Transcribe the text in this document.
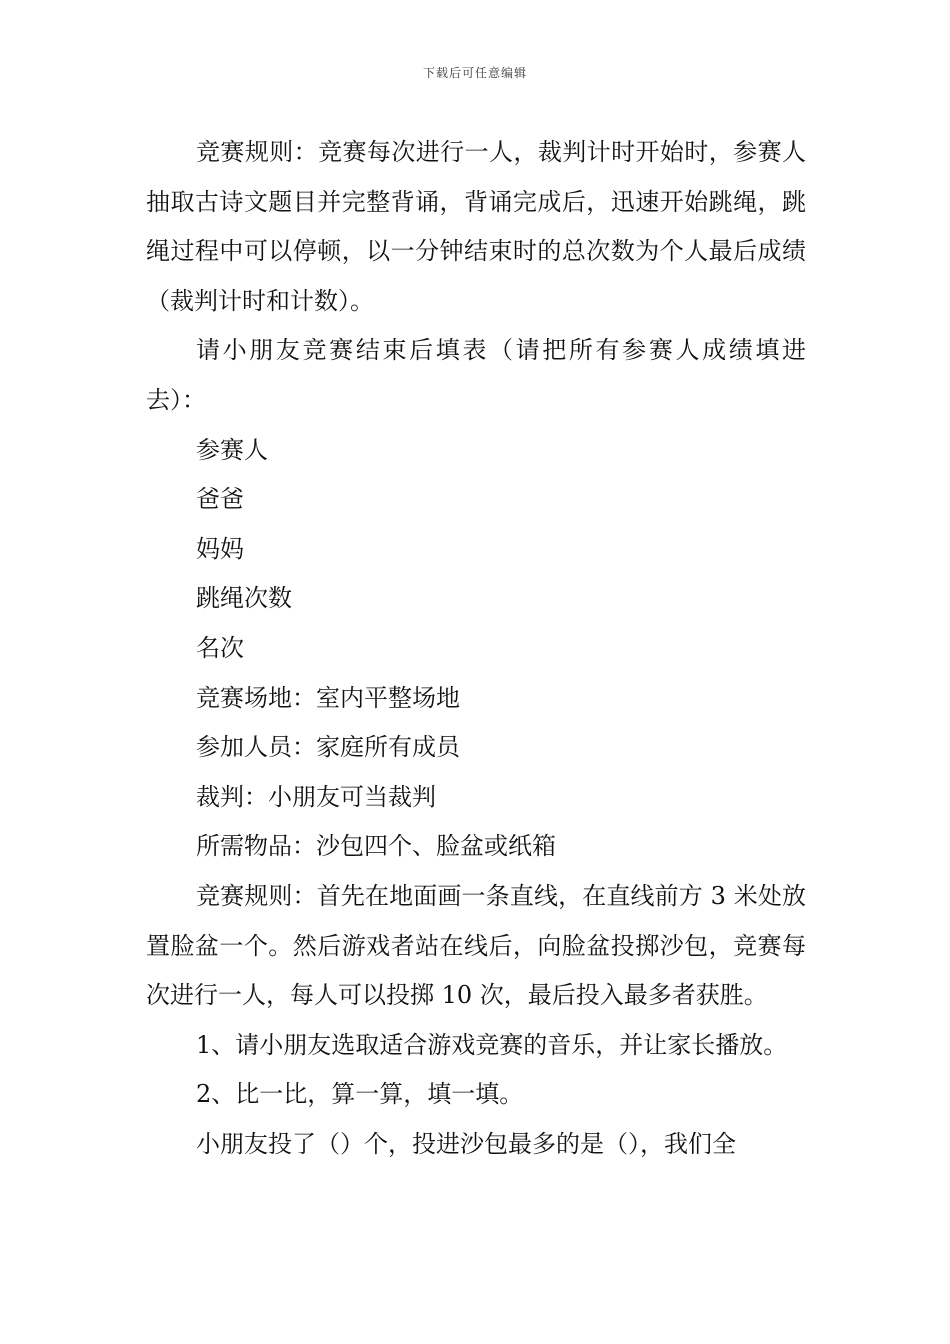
下载后可任意编辑

竞赛规则：竞赛每次进行一人，裁判计时开始时，参赛人抽取古诗文题目并完整背诵，背诵完成后，迅速开始跳绳，跳绳过程中可以停顿，以一分钟结束时的总次数为个人最后成绩（裁判计时和计数）。

请小朋友竞赛结束后填表（请把所有参赛人成绩填进去）：

参赛人

爸爸

妈妈

跳绳次数

名次

竞赛场地：室内平整场地

参加人员：家庭所有成员

裁判：小朋友可当裁判

所需物品：沙包四个、脸盆或纸箱

竞赛规则：首先在地面画一条直线，在直线前方 3 米处放置脸盆一个。然后游戏者站在线后，向脸盆投掷沙包，竞赛每次进行一人，每人可以投掷 10 次，最后投入最多者获胜。

1、请小朋友选取适合游戏竞赛的音乐，并让家长播放。

2、比一比，算一算，填一填。

小朋友投了（）个，投进沙包最多的是（），我们全
